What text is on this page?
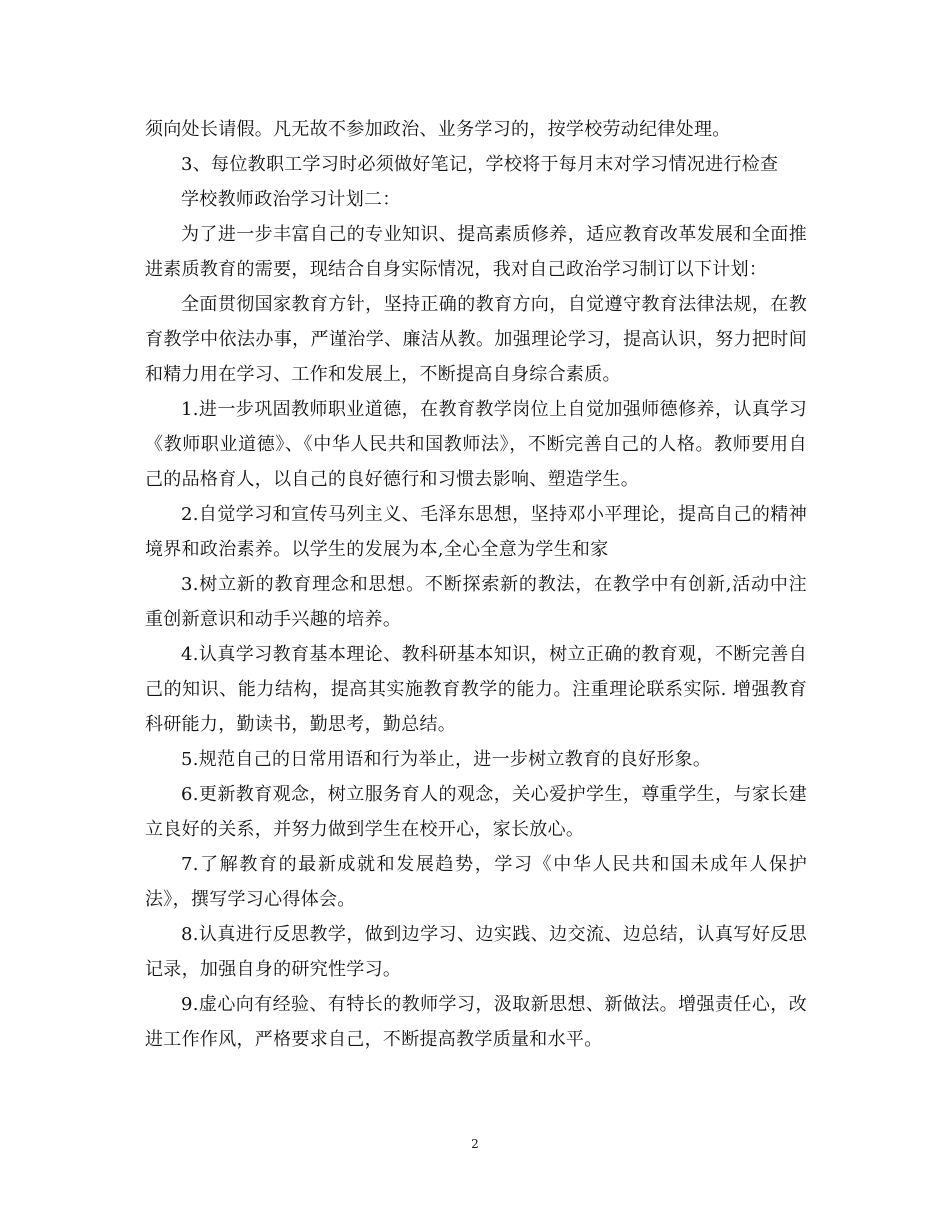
须向处长请假。凡无故不参加政治、业务学习的，按学校劳动纪律处理。

3、每位教职工学习时必须做好笔记，学校将于每月末对学习情况进行检查

学校教师政治学习计划二：

为了进一步丰富自己的专业知识、提高素质修养，适应教育改革发展和全面推进素质教育的需要，现结合自身实际情况，我对自己政治学习制订以下计划：

全面贯彻国家教育方针，坚持正确的教育方向，自觉遵守教育法律法规，在教育教学中依法办事，严谨治学、廉洁从教。加强理论学习，提高认识，努力把时间和精力用在学习、工作和发展上，不断提高自身综合素质。

1.进一步巩固教师职业道德，在教育教学岗位上自觉加强师德修养，认真学习《教师职业道德》、《中华人民共和国教师法》，不断完善自己的人格。教师要用自己的品格育人，以自己的良好德行和习惯去影响、塑造学生。

2.自觉学习和宣传马列主义、毛泽东思想，坚持邓小平理论，提高自己的精神境界和政治素养。以学生的发展为本,全心全意为学生和家

3.树立新的教育理念和思想。不断探索新的教法，在教学中有创新,活动中注重创新意识和动手兴趣的培养。

4.认真学习教育基本理论、教科研基本知识，树立正确的教育观，不断完善自己的知识、能力结构，提高其实施教育教学的能力。注重理论联系实际. 增强教育科研能力，勤读书，勤思考，勤总结。

5.规范自己的日常用语和行为举止，进一步树立教育的良好形象。

6.更新教育观念，树立服务育人的观念，关心爱护学生，尊重学生，与家长建立良好的关系，并努力做到学生在校开心，家长放心。

7.了解教育的最新成就和发展趋势，学习《中华人民共和国未成年人保护法》，撰写学习心得体会。

8.认真进行反思教学，做到边学习、边实践、边交流、边总结，认真写好反思记录，加强自身的研究性学习。

9.虚心向有经验、有特长的教师学习，汲取新思想、新做法。增强责任心，改进工作作风，严格要求自己，不断提高教学质量和水平。

2
